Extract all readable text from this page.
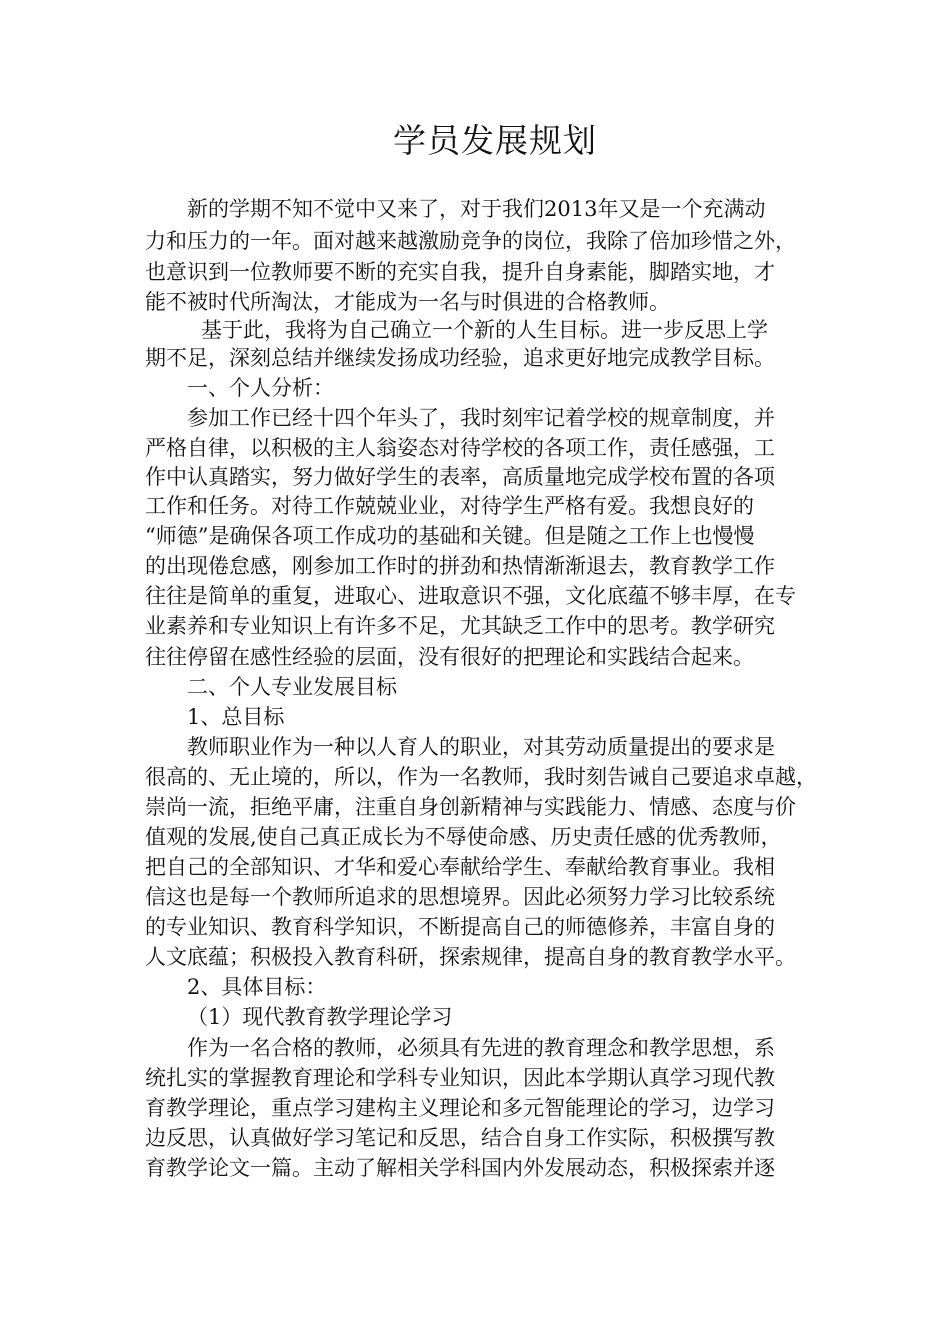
学员发展规划
新的学期不知不觉中又来了，对于我们2013年又是一个充满动
力和压力的一年。面对越来越激励竞争的岗位，我除了倍加珍惜之外，
也意识到一位教师要不断的充实自我，提升自身素能，脚踏实地，才
能不被时代所淘汰，才能成为一名与时俱进的合格教师。
基于此，我将为自己确立一个新的人生目标。进一步反思上学
期不足，深刻总结并继续发扬成功经验，追求更好地完成教学目标。
一、个人分析：
参加工作已经十四个年头了，我时刻牢记着学校的规章制度，并
严格自律，以积极的主人翁姿态对待学校的各项工作，责任感强，工
作中认真踏实，努力做好学生的表率，高质量地完成学校布置的各项
工作和任务。对待工作兢兢业业，对待学生严格有爱。我想良好的
“师德”是确保各项工作成功的基础和关键。但是随之工作上也慢慢
的出现倦怠感，刚参加工作时的拼劲和热情渐渐退去，教育教学工作
往往是简单的重复，进取心、进取意识不强，文化底蕴不够丰厚，在专
业素养和专业知识上有许多不足，尤其缺乏工作中的思考。教学研究
往往停留在感性经验的层面，没有很好的把理论和实践结合起来。
二、个人专业发展目标
1、总目标
教师职业作为一种以人育人的职业，对其劳动质量提出的要求是
很高的、无止境的，所以，作为一名教师，我时刻告诫自己要追求卓越，
崇尚一流，拒绝平庸，注重自身创新精神与实践能力、情感、态度与价
值观的发展,使自己真正成长为不辱使命感、历史责任感的优秀教师，
把自己的全部知识、才华和爱心奉献给学生、奉献给教育事业。我相
信这也是每一个教师所追求的思想境界。因此必须努力学习比较系统
的专业知识、教育科学知识，不断提高自己的师德修养，丰富自身的
人文底蕴；积极投入教育科研，探索规律，提高自身的教育教学水平。
2、具体目标：
（1）现代教育教学理论学习
作为一名合格的教师，必须具有先进的教育理念和教学思想，系
统扎实的掌握教育理论和学科专业知识，因此本学期认真学习现代教
育教学理论，重点学习建构主义理论和多元智能理论的学习，边学习
边反思，认真做好学习笔记和反思，结合自身工作实际，积极撰写教
育教学论文一篇。主动了解相关学科国内外发展动态，积极探索并逐
